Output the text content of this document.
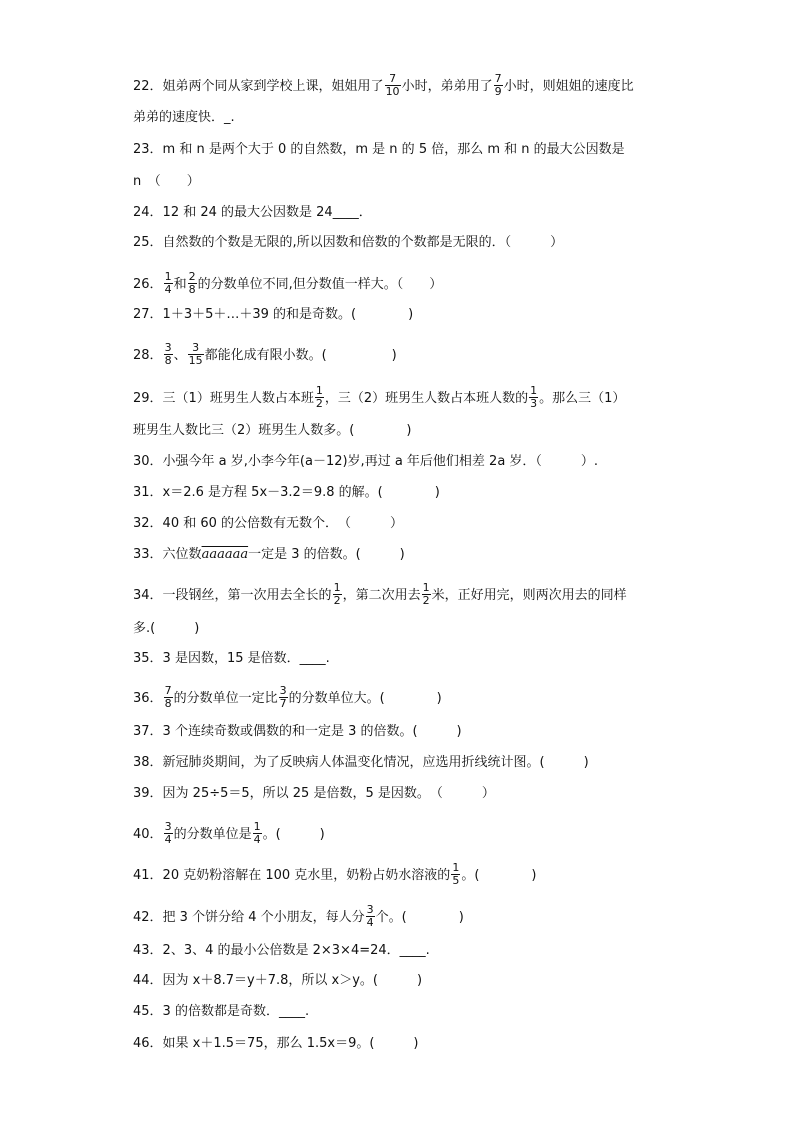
22．姐弟两个同从家到学校上课，姐姐用了 $\frac{7}{10}$ 小时，弟弟用了 $\frac{7}{9}$ 小时，则姐姐的速度比
弟弟的速度快．_.
23．m 和 n 是两个大于 0 的自然数，m 是 n 的 5 倍，那么 m 和 n 的最大公因数是
n　（　　）
24．12 和 24 的最大公因数是 24____．
25．自然数的个数是无限的,所以因数和倍数的个数都是无限的．（　　　）
26． $\frac{1}{4}$ 和 $\frac{2}{8}$ 的分数单位不同,但分数值一样大。（　　）
27．1＋3＋5＋…＋39 的和是奇数。(　　　　)
28． $\frac{3}{8}$ 、 $\frac{3}{15}$ 都能化成有限小数。(　　　　　)
29．三（1）班男生人数占本班 $\frac{1}{2}$ ，三（2）班男生人数占本班人数的 $\frac{1}{3}$ 。那么三（1）
班男生人数比三（2）班男生人数多。(　　　　)
30．小强今年 a 岁,小李今年(a－12)岁,再过 a 年后他们相差 2a 岁．（　　　）.
31．x＝2.6 是方程 5x－3.2＝9.8 的解。(　　　　)
32．40 和 60 的公倍数有无数个．　（　　　）
33．六位数aaaaaa一定是 3 的倍数。(　　　)
34．一段钢丝，第一次用去全长的 $\frac{1}{2}$ ，第二次用去 $\frac{1}{2}$ 米，正好用完，则两次用去的同样
多.(　　　)
35．3 是因数，15 是倍数．____.
36． $\frac{7}{8}$ 的分数单位一定比 $\frac{3}{7}$ 的分数单位大。(　　　　)
37．3 个连续奇数或偶数的和一定是 3 的倍数。(　　　)
38．新冠肺炎期间，为了反映病人体温变化情况，应选用折线统计图。(　　　)
39．因为 25÷5＝5，所以 25 是倍数，5 是因数。　（　　　）
40． $\frac{3}{4}$ 的分数单位是 $\frac{1}{4}$ 。(　　　)
41．20 克奶粉溶解在 100 克水里，奶粉占奶水溶液的 $\frac{1}{5}$ 。(　　　　)
42．把 3 个饼分给 4 个小朋友，每人分 $\frac{3}{4}$ 个。(　　　　)
43．2、3、4 的最小公倍数是 2×3×4=24．____.
44．因为 x＋8.7＝y＋7.8，所以 x＞y。(　　　)
45．3 的倍数都是奇数．____.
46．如果 x＋1.5＝75，那么 1.5x＝9。(　　　)
